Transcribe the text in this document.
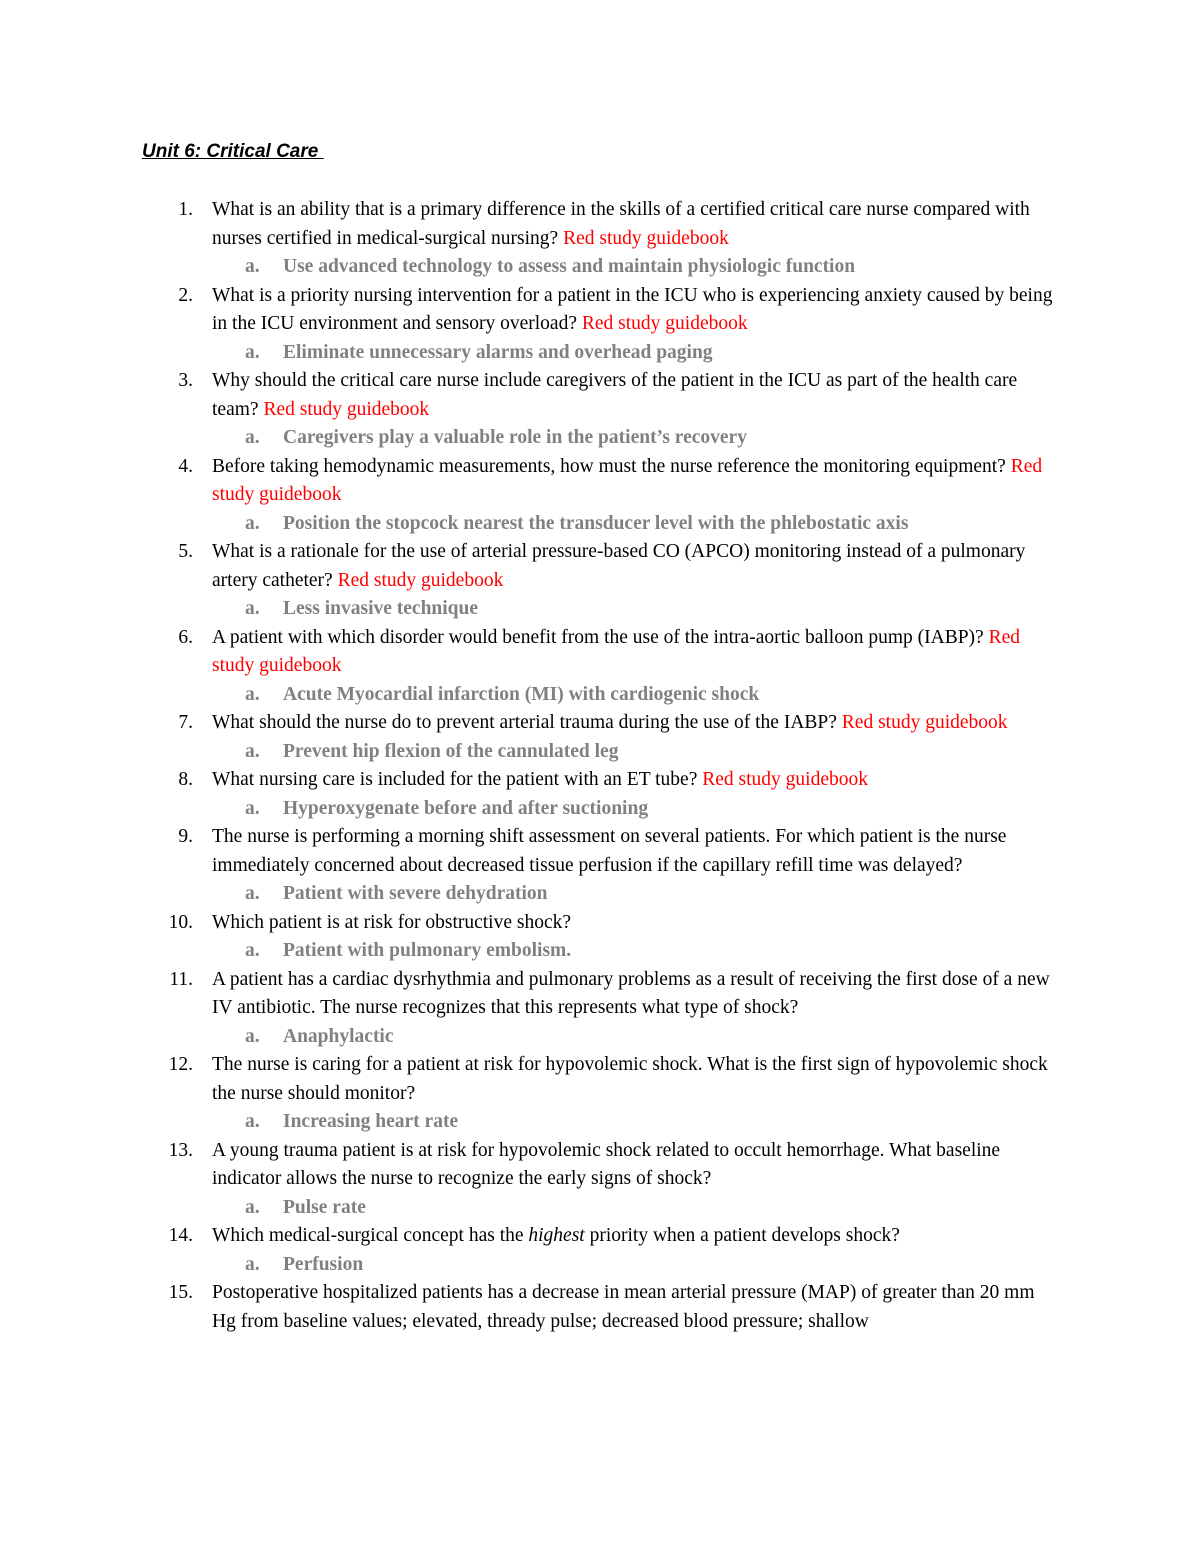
Unit 6: Critical Care
1. What is an ability that is a primary difference in the skills of a certified critical care nurse compared with nurses certified in medical-surgical nursing? Red study guidebook
a. Use advanced technology to assess and maintain physiologic function
2. What is a priority nursing intervention for a patient in the ICU who is experiencing anxiety caused by being in the ICU environment and sensory overload? Red study guidebook
a. Eliminate unnecessary alarms and overhead paging
3. Why should the critical care nurse include caregivers of the patient in the ICU as part of the health care team? Red study guidebook
a. Caregivers play a valuable role in the patient’s recovery
4. Before taking hemodynamic measurements, how must the nurse reference the monitoring equipment? Red study guidebook
a. Position the stopcock nearest the transducer level with the phlebostatic axis
5. What is a rationale for the use of arterial pressure-based CO (APCO) monitoring instead of a pulmonary artery catheter? Red study guidebook
a. Less invasive technique
6. A patient with which disorder would benefit from the use of the intra-aortic balloon pump (IABP)? Red study guidebook
a. Acute Myocardial infarction (MI) with cardiogenic shock
7. What should the nurse do to prevent arterial trauma during the use of the IABP? Red study guidebook
a. Prevent hip flexion of the cannulated leg
8. What nursing care is included for the patient with an ET tube? Red study guidebook
a. Hyperoxygenate before and after suctioning
9. The nurse is performing a morning shift assessment on several patients. For which patient is the nurse immediately concerned about decreased tissue perfusion if the capillary refill time was delayed?
a. Patient with severe dehydration
10. Which patient is at risk for obstructive shock?
a. Patient with pulmonary embolism.
11. A patient has a cardiac dysrhythmia and pulmonary problems as a result of receiving the first dose of a new IV antibiotic. The nurse recognizes that this represents what type of shock?
a. Anaphylactic
12. The nurse is caring for a patient at risk for hypovolemic shock. What is the first sign of hypovolemic shock the nurse should monitor?
a. Increasing heart rate
13. A young trauma patient is at risk for hypovolemic shock related to occult hemorrhage. What baseline indicator allows the nurse to recognize the early signs of shock?
a. Pulse rate
14. Which medical-surgical concept has the highest priority when a patient develops shock?
a. Perfusion
15. Postoperative hospitalized patients has a decrease in mean arterial pressure (MAP) of greater than 20 mm Hg from baseline values; elevated, thready pulse; decreased blood pressure; shallow
